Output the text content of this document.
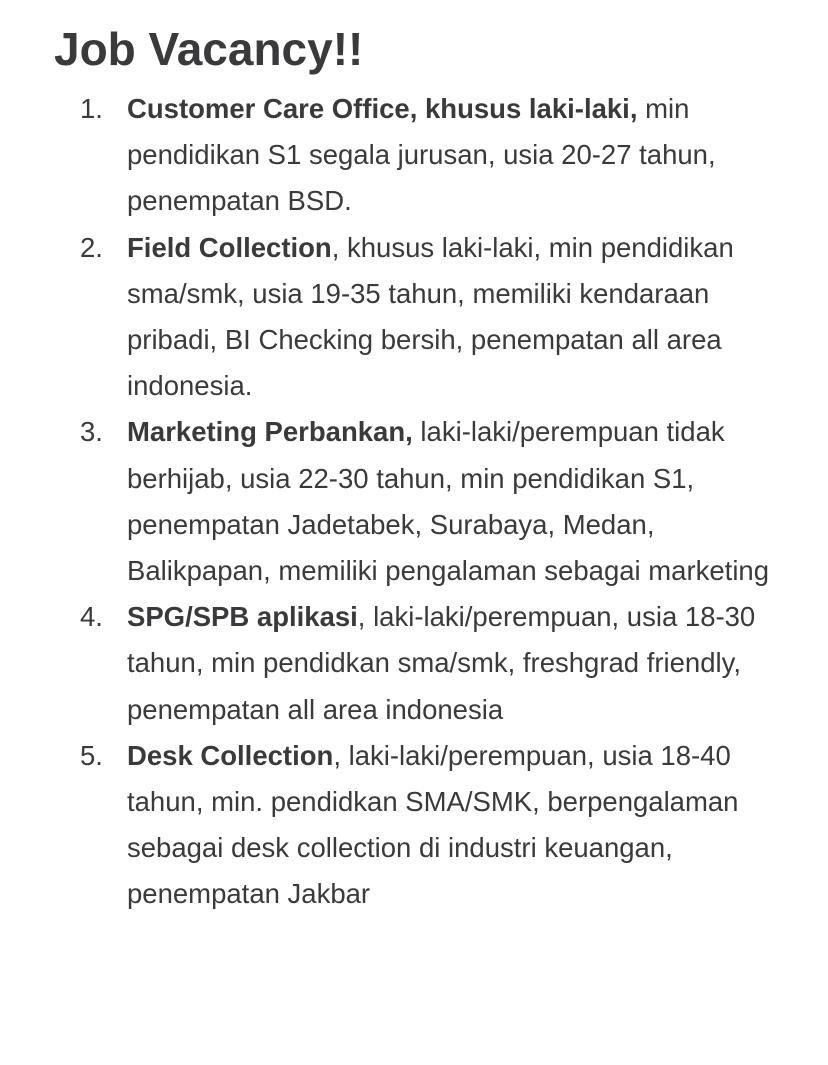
Job Vacancy!!
1. Customer Care Office, khusus laki-laki, min pendidikan S1 segala jurusan, usia 20-27 tahun, penempatan BSD.
2. Field Collection, khusus laki-laki, min pendidikan sma/smk, usia 19-35 tahun, memiliki kendaraan pribadi, BI Checking bersih, penempatan all area indonesia.
3. Marketing Perbankan, laki-laki/perempuan tidak berhijab, usia 22-30 tahun, min pendidikan S1, penempatan Jadetabek, Surabaya, Medan, Balikpapan, memiliki pengalaman sebagai marketing
4. SPG/SPB aplikasi, laki-laki/perempuan, usia 18-30 tahun, min pendidkan sma/smk, freshgrad friendly, penempatan all area indonesia
5. Desk Collection, laki-laki/perempuan, usia 18-40 tahun, min. pendidkan SMA/SMK, berpengalaman sebagai desk collection di industri keuangan, penempatan Jakbar
